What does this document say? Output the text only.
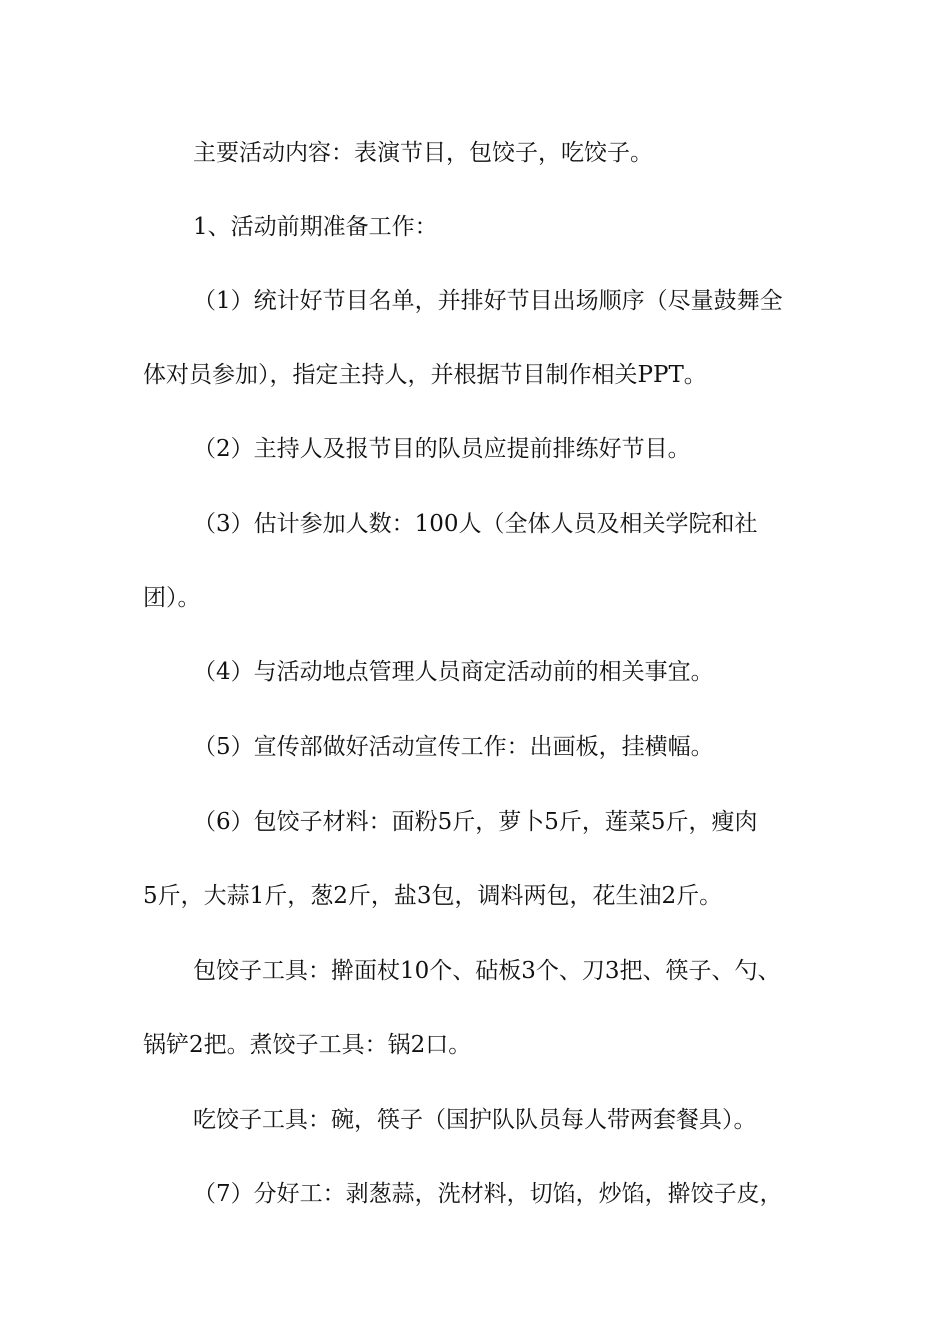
主要活动内容：表演节目，包饺子，吃饺子。
1、活动前期准备工作：
（1）统计好节目名单，并排好节目出场顺序（尽量鼓舞全
体对员参加），指定主持人，并根据节目制作相关PPT。
（2）主持人及报节目的队员应提前排练好节目。
（3）估计参加人数：100人（全体人员及相关学院和社
团）。
（4）与活动地点管理人员商定活动前的相关事宜。
（5）宣传部做好活动宣传工作：出画板，挂横幅。
（6）包饺子材料：面粉5斤，萝卜5斤，莲菜5斤，瘦肉
5斤，大蒜1斤，葱2斤，盐3包，调料两包，花生油2斤。
包饺子工具：擀面杖10个、砧板3个、刀3把、筷子、勺、
锅铲2把。煮饺子工具：锅2口。
吃饺子工具：碗，筷子（国护队队员每人带两套餐具）。
（7）分好工：剥葱蒜，洗材料，切馅，炒馅，擀饺子皮，
